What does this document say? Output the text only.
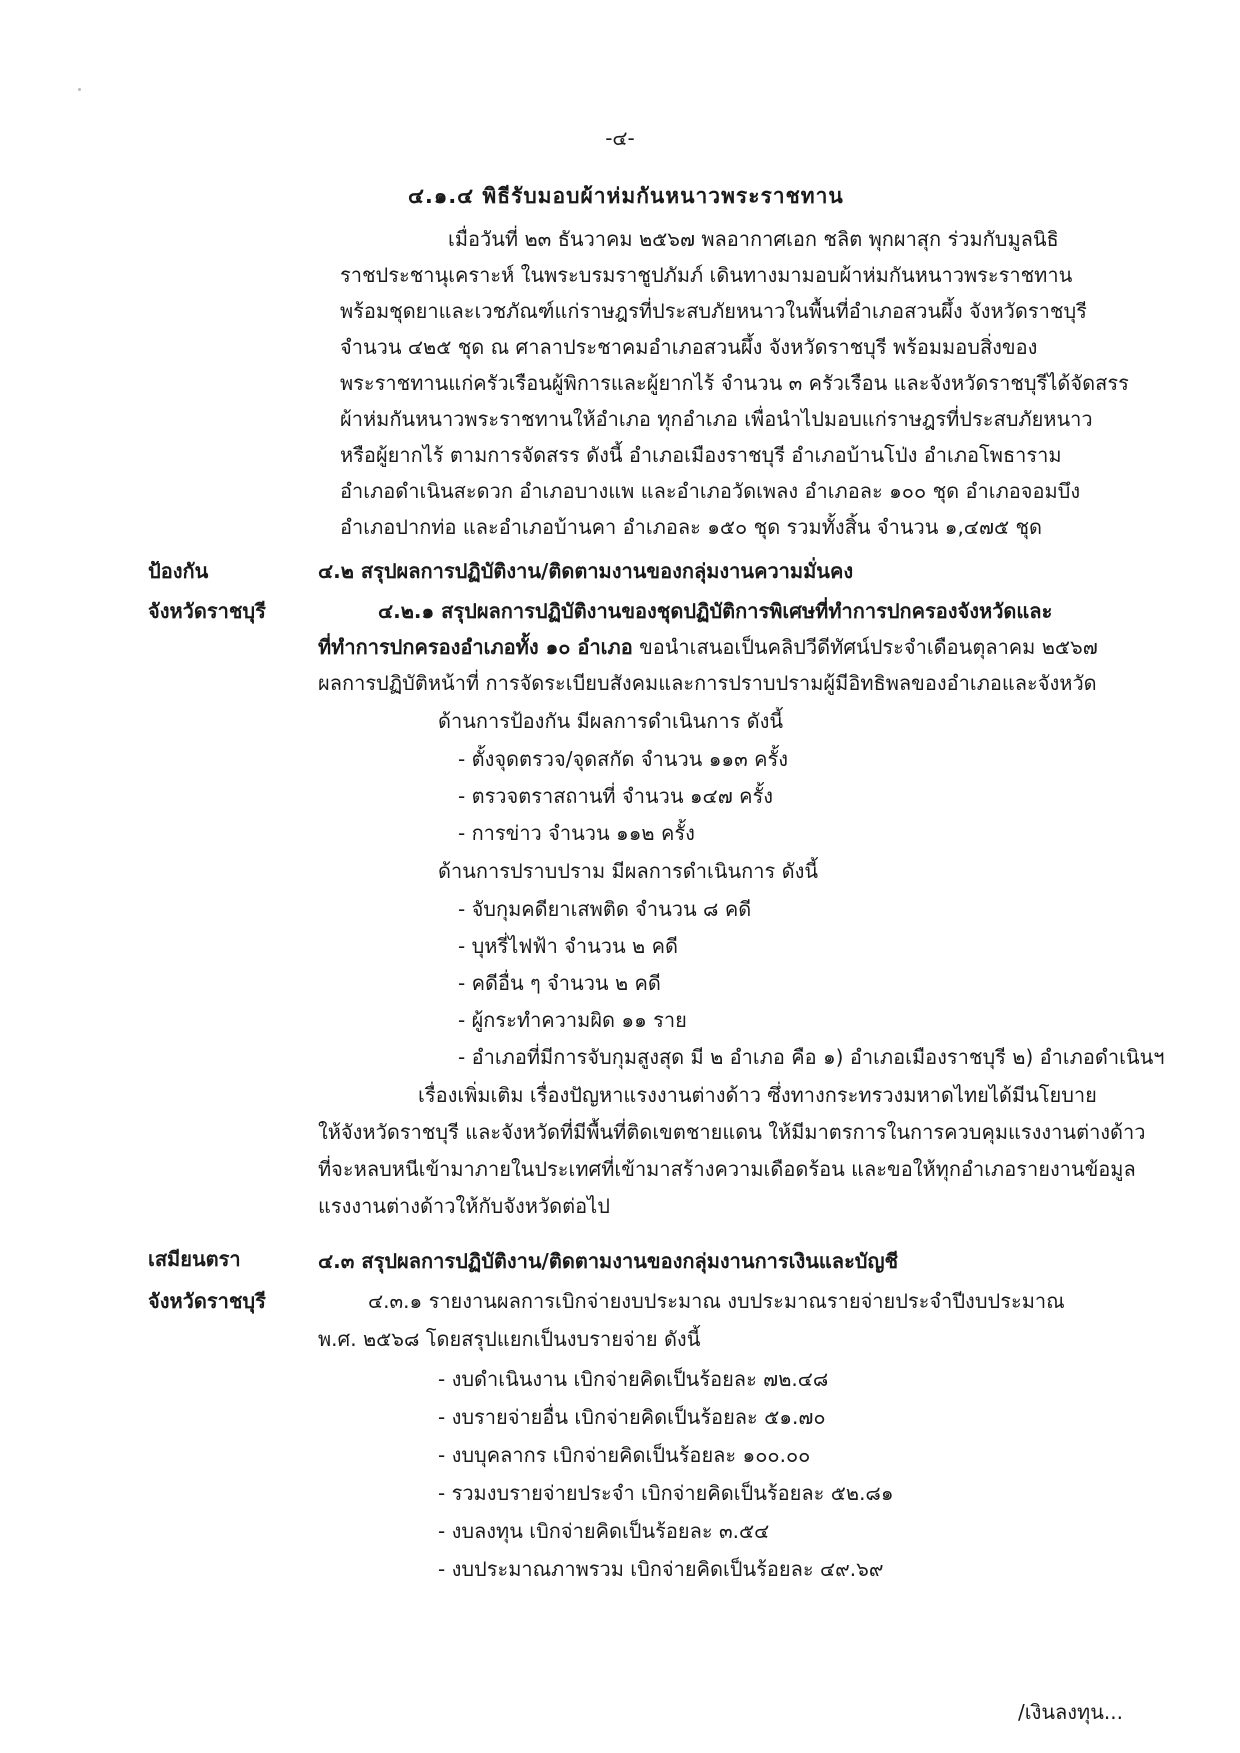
-๔-
๔.๑.๔ พิธีรับมอบผ้าห่มกันหนาวพระราชทาน
เมื่อวันที่ ๒๓ ธันวาคม ๒๕๖๗ พลอากาศเอก ชลิต พุกผาสุก ร่วมกับมูลนิธิ
ราชประชานุเคราะห์ ในพระบรมราชูปภัมภ์ เดินทางมามอบผ้าห่มกันหนาวพระราชทาน
พร้อมชุดยาและเวชภัณฑ์แก่ราษฎรที่ประสบภัยหนาวในพื้นที่อำเภอสวนผึ้ง จังหวัดราชบุรี
จำนวน ๔๒๕ ชุด ณ ศาลาประชาคมอำเภอสวนผึ้ง จังหวัดราชบุรี พร้อมมอบสิ่งของ
พระราชทานแก่ครัวเรือนผู้พิการและผู้ยากไร้ จำนวน ๓ ครัวเรือน และจังหวัดราชบุรีได้จัดสรร
ผ้าห่มกันหนาวพระราชทานให้อำเภอ ทุกอำเภอ เพื่อนำไปมอบแก่ราษฎรที่ประสบภัยหนาว
หรือผู้ยากไร้ ตามการจัดสรร ดังนี้ อำเภอเมืองราชบุรี อำเภอบ้านโป่ง อำเภอโพธาราม
อำเภอดำเนินสะดวก อำเภอบางแพ และอำเภอวัดเพลง อำเภอละ ๑๐๐ ชุด อำเภอจอมบึง
อำเภอปากท่อ และอำเภอบ้านคา อำเภอละ ๑๕๐ ชุด รวมทั้งสิ้น จำนวน ๑,๔๗๕ ชุด
ป้องกัน
จังหวัดราชบุรี
๔.๒ สรุปผลการปฏิบัติงาน/ติดตามงานของกลุ่มงานความมั่นคง
๔.๒.๑ สรุปผลการปฏิบัติงานของชุดปฏิบัติการพิเศษที่ทำการปกครองจังหวัดและ
ที่ทำการปกครองอำเภอทั้ง ๑๐ อำเภอ ขอนำเสนอเป็นคลิปวีดีทัศน์ประจำเดือนตุลาคม ๒๕๖๗
ผลการปฏิบัติหน้าที่ การจัดระเบียบสังคมและการปราบปรามผู้มีอิทธิพลของอำเภอและจังหวัด
ด้านการป้องกัน มีผลการดำเนินการ ดังนี้
- ตั้งจุดตรวจ/จุดสกัด จำนวน ๑๑๓ ครั้ง
- ตรวจตราสถานที่ จำนวน ๑๔๗ ครั้ง
- การข่าว จำนวน ๑๑๒ ครั้ง
ด้านการปราบปราม มีผลการดำเนินการ ดังนี้
- จับกุมคดียาเสพติด จำนวน ๘ คดี
- บุหรี่ไฟฟ้า จำนวน ๒ คดี
- คดีอื่น ๆ จำนวน ๒ คดี
- ผู้กระทำความผิด ๑๑ ราย
- อำเภอที่มีการจับกุมสูงสุด มี ๒ อำเภอ คือ ๑) อำเภอเมืองราชบุรี ๒) อำเภอดำเนินฯ
เรื่องเพิ่มเติม เรื่องปัญหาแรงงานต่างด้าว ซึ่งทางกระทรวงมหาดไทยได้มีนโยบาย
ให้จังหวัดราชบุรี และจังหวัดที่มีพื้นที่ติดเขตชายแดน ให้มีมาตรการในการควบคุมแรงงานต่างด้าว
ที่จะหลบหนีเข้ามาภายในประเทศที่เข้ามาสร้างความเดือดร้อน และขอให้ทุกอำเภอรายงานข้อมูล
แรงงานต่างด้าวให้กับจังหวัดต่อไป
เสมียนตรา
จังหวัดราชบุรี
๔.๓ สรุปผลการปฏิบัติงาน/ติดตามงานของกลุ่มงานการเงินและบัญชี
๔.๓.๑ รายงานผลการเบิกจ่ายงบประมาณ งบประมาณรายจ่ายประจำปีงบประมาณ
พ.ศ. ๒๕๖๘ โดยสรุปแยกเป็นงบรายจ่าย ดังนี้
- งบดำเนินงาน เบิกจ่ายคิดเป็นร้อยละ ๗๒.๔๘
- งบรายจ่ายอื่น เบิกจ่ายคิดเป็นร้อยละ ๕๑.๗๐
- งบบุคลากร เบิกจ่ายคิดเป็นร้อยละ ๑๐๐.๐๐
- รวมงบรายจ่ายประจำ เบิกจ่ายคิดเป็นร้อยละ ๕๒.๘๑
- งบลงทุน เบิกจ่ายคิดเป็นร้อยละ ๓.๕๔
- งบประมาณภาพรวม เบิกจ่ายคิดเป็นร้อยละ ๔๙.๖๙
/เงินลงทุน...
